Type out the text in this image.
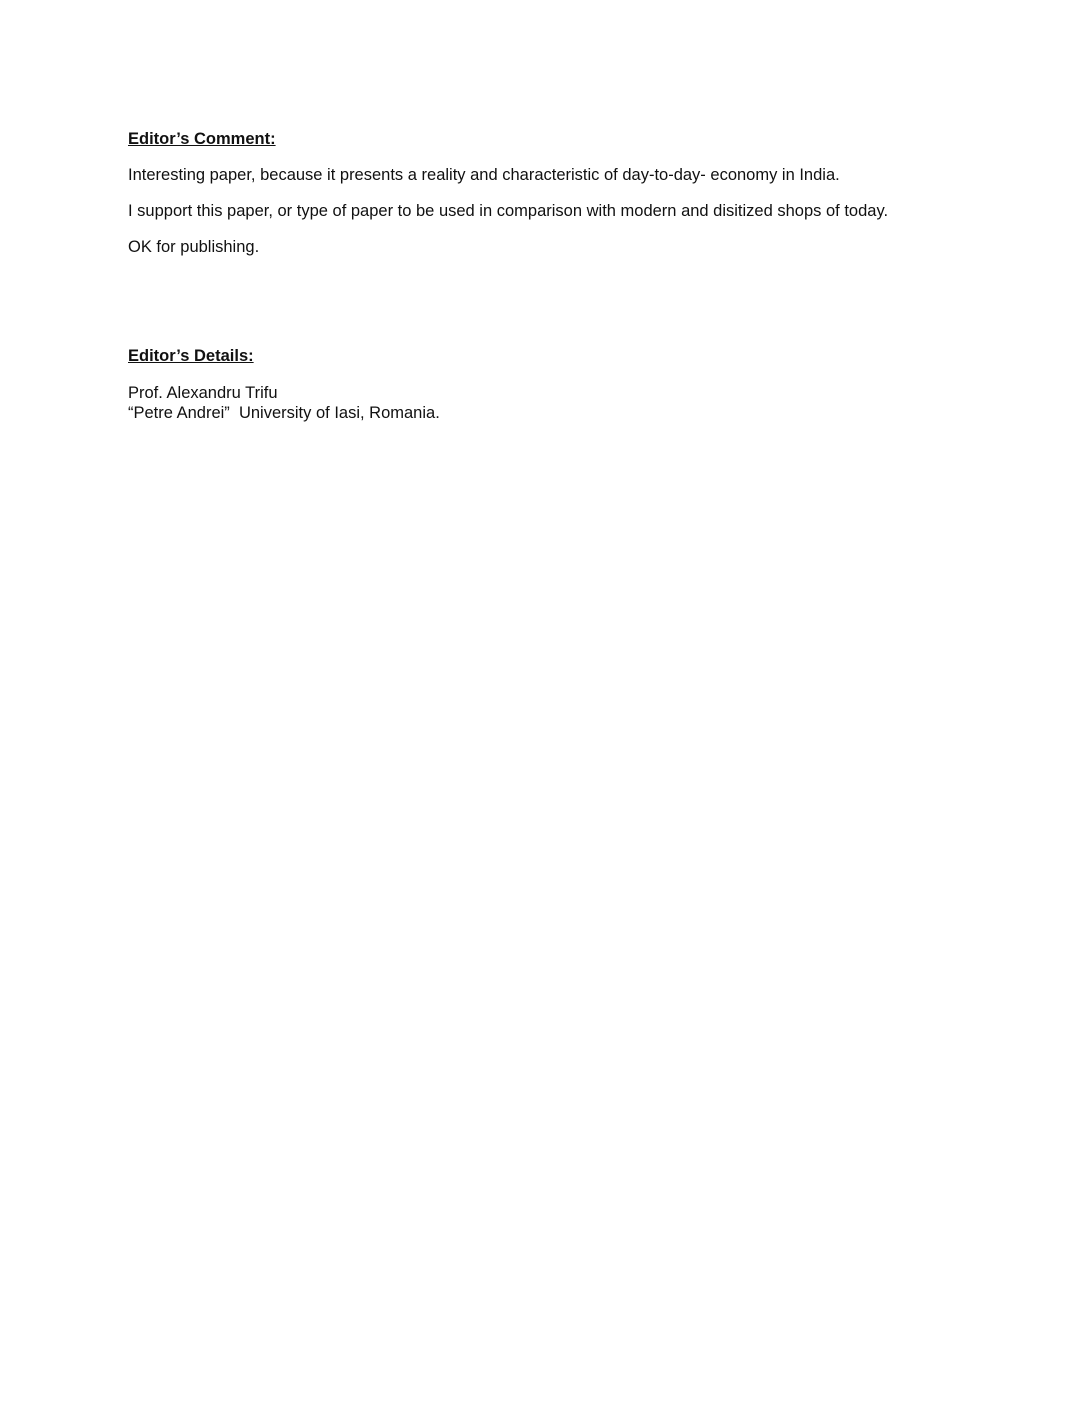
Editor’s Comment:

Interesting paper, because it presents a reality and characteristic of day-to-day- economy in India.

I support this paper, or type of paper to be used in comparison with modern and disitized shops of today.

OK for publishing.

Editor’s Details:

Prof. Alexandru Trifu

“Petre Andrei”  University of Iasi, Romania.
